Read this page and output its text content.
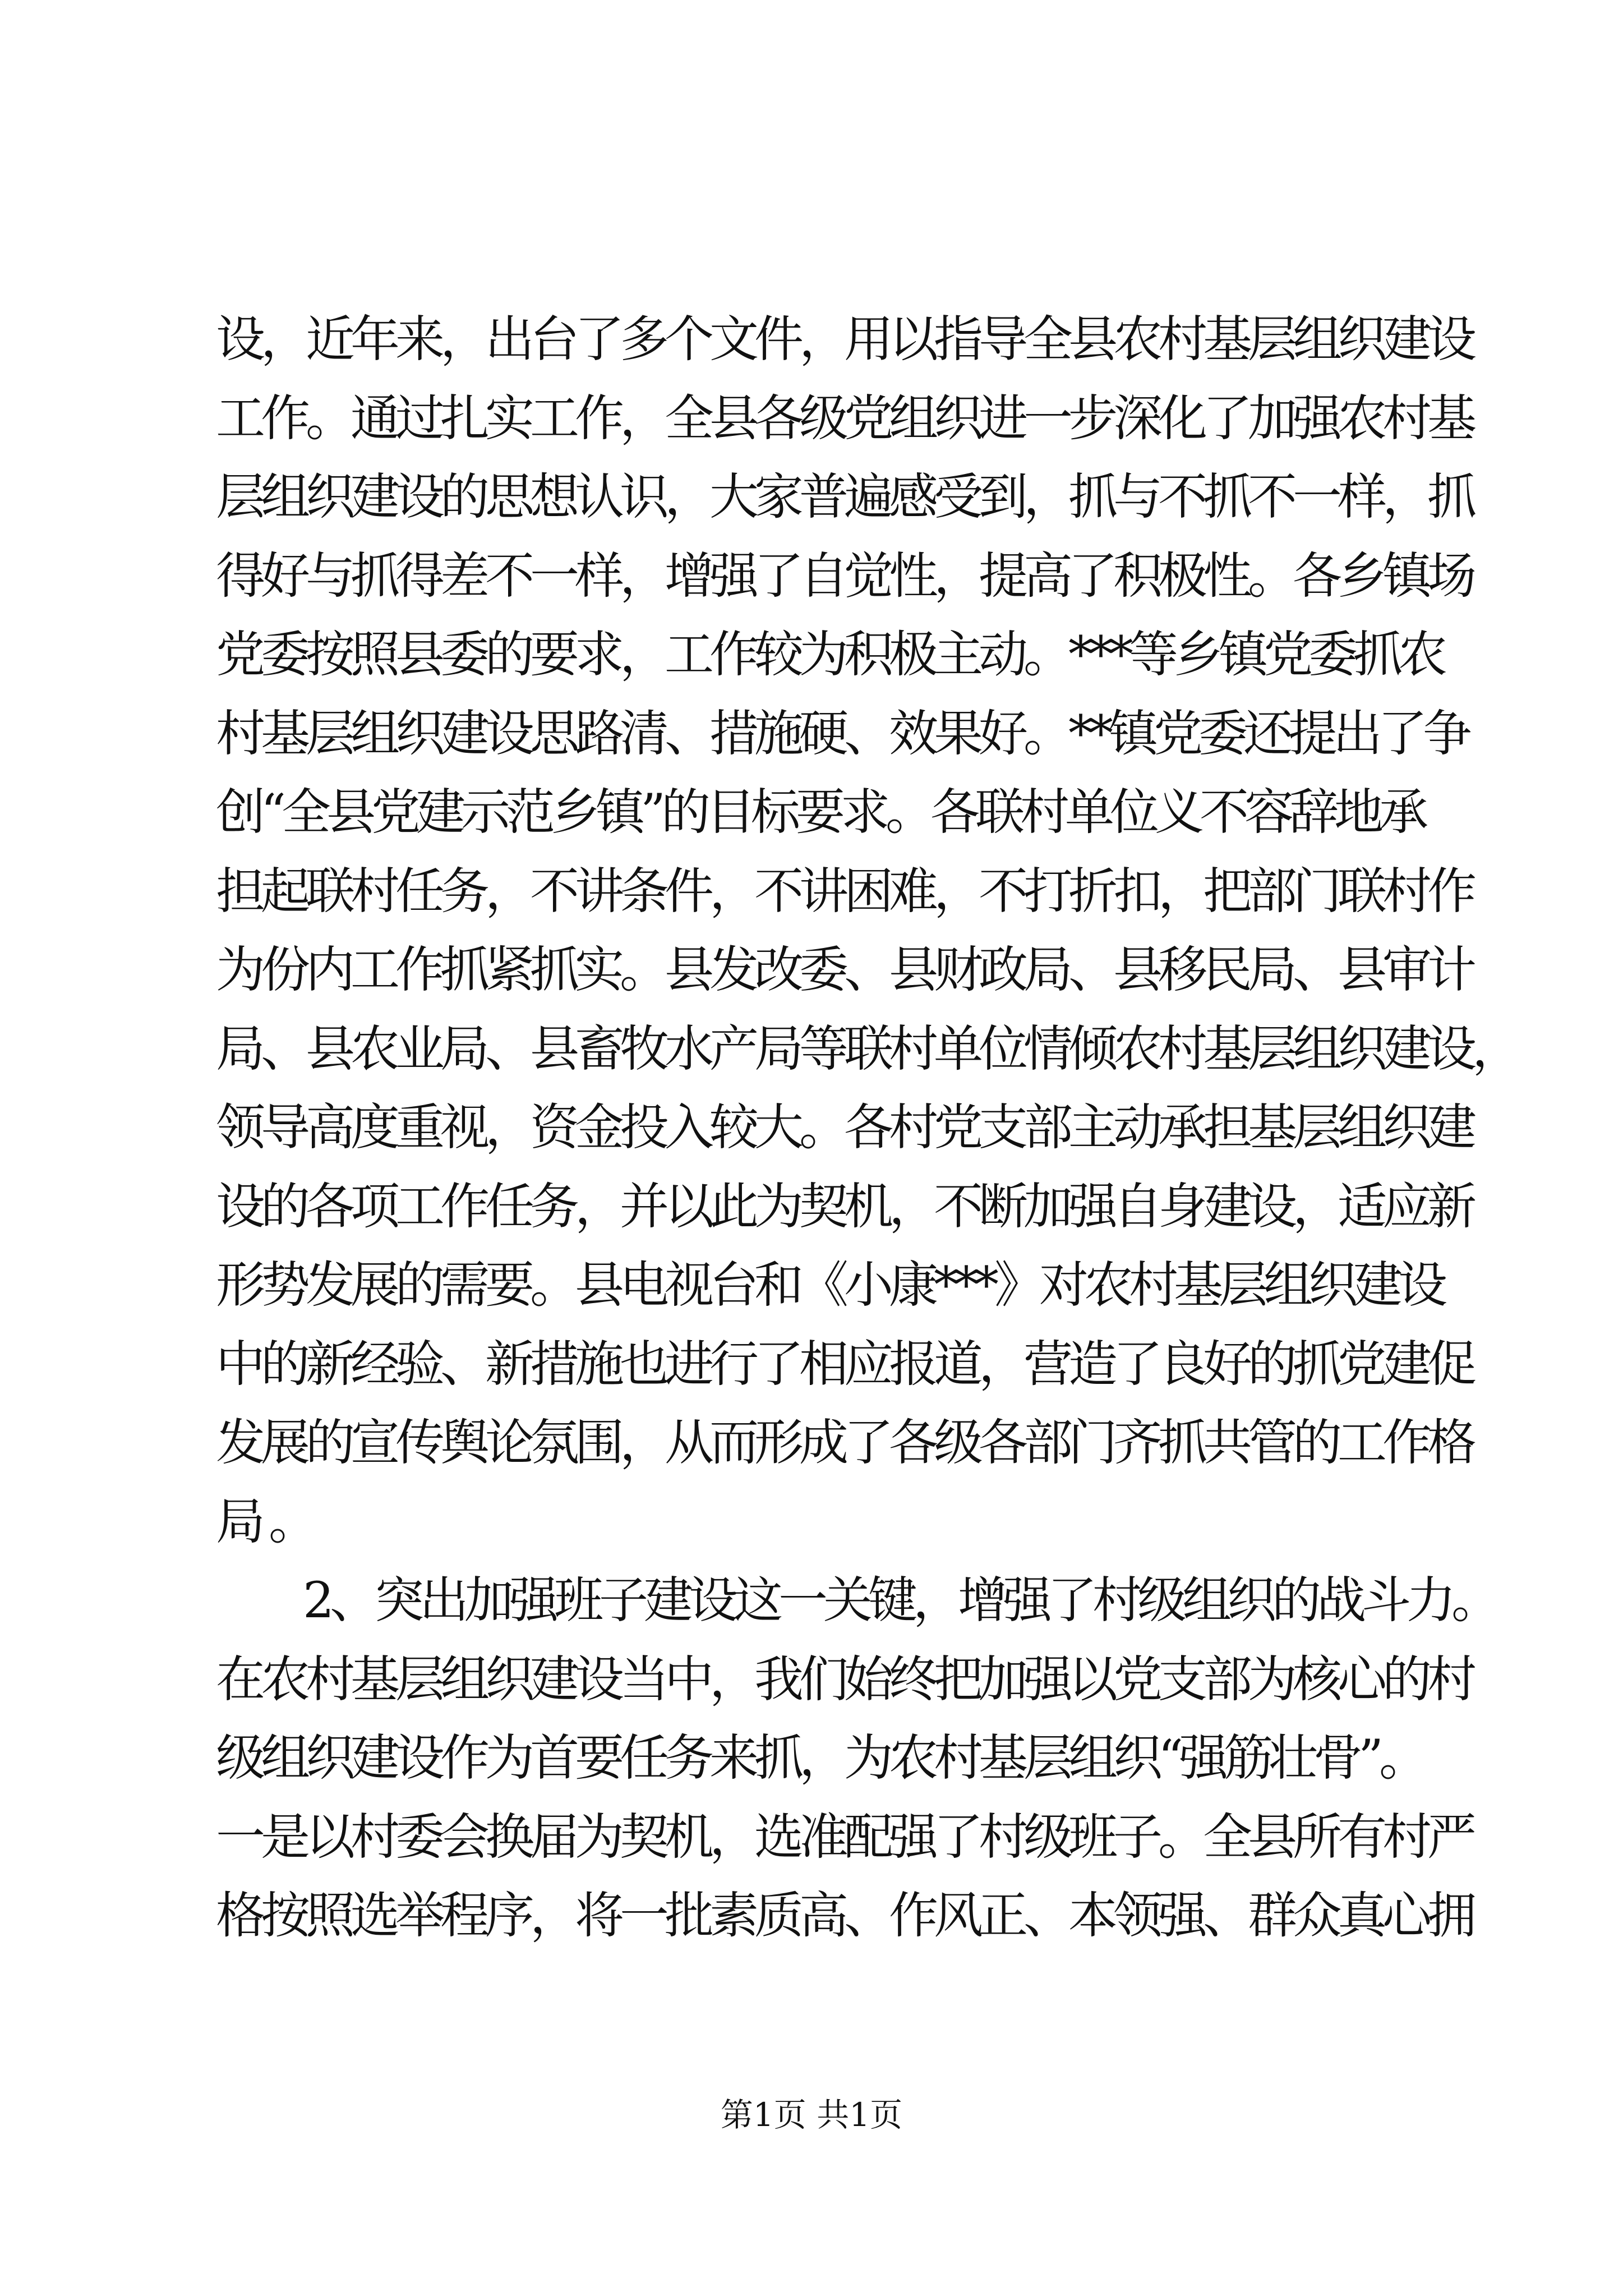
设，近年来，出台了多个文件，用以指导全县农村基层组织建设
工作。通过扎实工作，全县各级党组织进一步深化了加强农村基
层组织建设的思想认识，大家普遍感受到，抓与不抓不一样，抓
得好与抓得差不一样，增强了自觉性，提高了积极性。各乡镇场
党委按照县委的要求，工作较为积极主动。***等乡镇党委抓农
村基层组织建设思路清、措施硬、效果好。**镇党委还提出了争
创“全县党建示范乡镇”的目标要求。各联村单位义不容辞地承
担起联村任务，不讲条件，不讲困难，不打折扣，把部门联村作
为份内工作抓紧抓实。县发改委、县财政局、县移民局、县审计
局、县农业局、县畜牧水产局等联村单位情倾农村基层组织建设，
领导高度重视，资金投入较大。各村党支部主动承担基层组织建
设的各项工作任务，并以此为契机，不断加强自身建设，适应新
形势发展的需要。县电视台和《小康***》对农村基层组织建设
中的新经验、新措施也进行了相应报道，营造了良好的抓党建促
发展的宣传舆论氛围，从而形成了各级各部门齐抓共管的工作格
局。
2、突出加强班子建设这一关键，增强了村级组织的战斗力。
在农村基层组织建设当中，我们始终把加强以党支部为核心的村
级组织建设作为首要任务来抓，为农村基层组织“强筋壮骨”。
一是以村委会换届为契机，选准配强了村级班子。全县所有村严
格按照选举程序，将一批素质高、作风正、本领强、群众真心拥
第1页 共1页
